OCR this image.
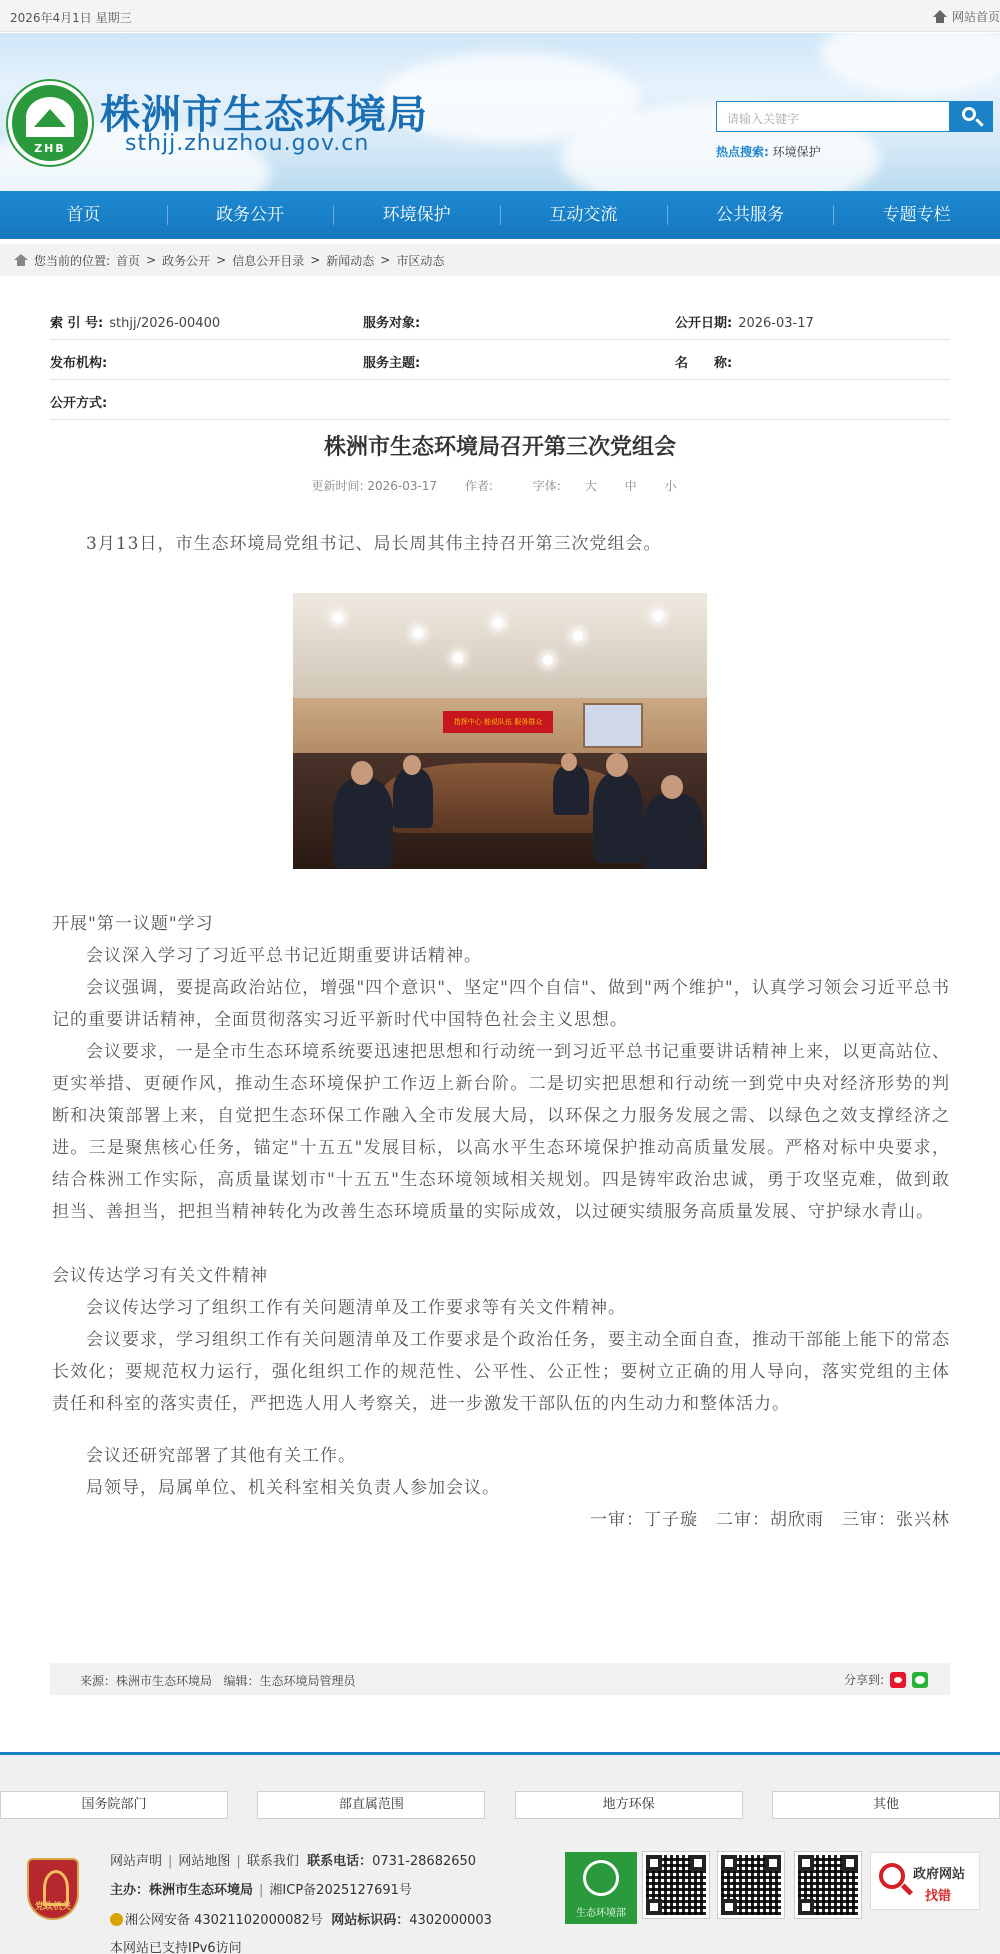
2026年4月1日 星期三	网站首页
ZHB
株洲市生态环境局
sthjj.zhuzhou.gov.cn
请输入关键字
热点搜索: 环境保护
首页	政务公开	环境保护	互动交流	公共服务	专题专栏
您当前的位置: 首页 > 政务公开 > 信息公开目录 > 新闻动态 > 市区动态
索 引 号: sthjj/2026-00400	服务对象:	公开日期: 2026-03-17
发布机构:	服务主题:	名　　称:
公开方式:
株洲市生态环境局召开第三次党组会
更新时间: 2026-03-17 作者:	字体: 大 中 小

3月13日，市生态环境局党组书记、局长周其伟主持召开第三次党组会。

指挥中心 能说队伍 服务群众

开展"第一议题"学习

会议深入学习了习近平总书记近期重要讲话精神。

会议强调，要提高政治站位，增强"四个意识"、坚定"四个自信"、做到"两个维护"，认真学习领会习近平总书记的重要讲话精神，全面贯彻落实习近平新时代中国特色社会主义思想。

会议要求，一是全市生态环境系统要迅速把思想和行动统一到习近平总书记重要讲话精神上来，以更高站位、更实举措、更硬作风，推动生态环境保护工作迈上新台阶。二是切实把思想和行动统一到党中央对经济形势的判断和决策部署上来，自觉把生态环保工作融入全市发展大局，以环保之力服务发展之需、以绿色之效支撑经济之进。三是聚焦核心任务，锚定"十五五"发展目标，以高水平生态环境保护推动高质量发展。严格对标中央要求，结合株洲工作实际，高质量谋划市"十五五"生态环境领域相关规划。四是铸牢政治忠诚，勇于攻坚克难，做到敢担当、善担当，把担当精神转化为改善生态环境质量的实际成效，以过硬实绩服务高质量发展、守护绿水青山。

会议传达学习有关文件精神

会议传达学习了组织工作有关问题清单及工作要求等有关文件精神。

会议要求，学习组织工作有关问题清单及工作要求是个政治任务，要主动全面自查，推动干部能上能下的常态长效化；要规范权力运行，强化组织工作的规范性、公平性、公正性；要树立正确的用人导向，落实党组的主体责任和科室的落实责任，严把选人用人考察关，进一步激发干部队伍的内生动力和整体活力。

会议还研究部署了其他有关工作。

局领导，局属单位、机关科室相关负责人参加会议。

一审：丁子璇　二审：胡欣雨　三审：张兴林

来源：株洲市生态环境局 编辑：生态环境局管理员	分享到:
国务院部门	部直属范围	地方环保	其他
党政机关
网站声明 | 网站地图 | 联系我们 联系电话：0731-28682650
主办：株洲市生态环境局 | 湘ICP备2025127691号
湘公网安备 43021102000082号 网站标识码：4302000003
本网站已支持IPv6访问
生态环境部
政府网站
找错
